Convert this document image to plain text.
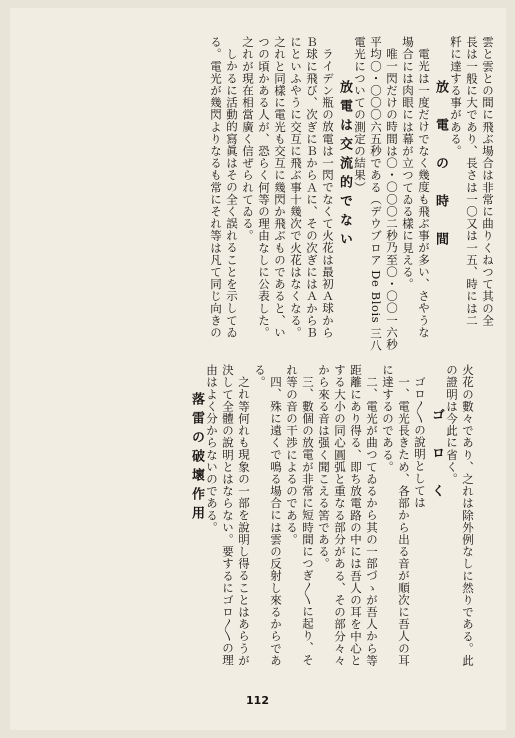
雲と雲との間に飛ぶ場合は非常に曲りくねつて其の全
長は一般に大であり、長さは一〇又は一五、時には二
粁に達する事がある。
放　電　の　時　間
電光は一度だけでなく幾度も飛ぶ事が多い、さやうな
場合には肉眼には幕が立つてゐる樣に見える。
唯一閃だけの時間は〇・〇〇〇二秒乃至〇・〇〇一六秒
平均〇・〇〇〇六五秒である（デウブロア De Blois 三八
電光についての測定の結果）
放電は交流的でない
ライデン瓶の放電は一閃でなくて火花は最初Ａ球から
Ｂ球に飛び、次ぎにＢからＡに、その次ぎにはＡからＢ
にといふやうに交互に飛ぶ事十幾次で火花はなくなる。
之れと同樣に電光も交互に幾閃か飛ぶものであると、い
つの頃かある人が、恐らく何等の理由なしに公表した。
之れが現在相當廣く信ぜられてゐる。
しかるに活動的寫眞はその全く誤れることを示してゐ
る。電光が幾閃よりなるも常にそれ等は凡て同じ向きの
火花の數々であり、之れは除外例なしに然りである。此
の證明は今此に省く。
ゴ　ロ　く
ゴロ〳〵の說明としては
一、電光長きため、各部から出る音が順次に吾人の耳
に達するのである。
二、電光が曲つてゐるから其の一部づゝが吾人から等
距離にあり得る、即ち放電路の中には吾人の耳を中心と
する大小の同心圓弧と重なる部分がある、その部分々々
から來る音は强く聞こえる筈である。
三、數個の放電が非常に短時間につぎ〳〵に起り、そ
れ等の音の干渉によるのである。
四、殊に遠くで鳴る場合には雲の反射し來るからであ
る。
之れ等何れも現象の一部を說明し得ることはあらうが
決して全體の說明とはならない。要するにゴロ〳〵の理
由はよく分からないのである。
落雷の破壞作用
112
